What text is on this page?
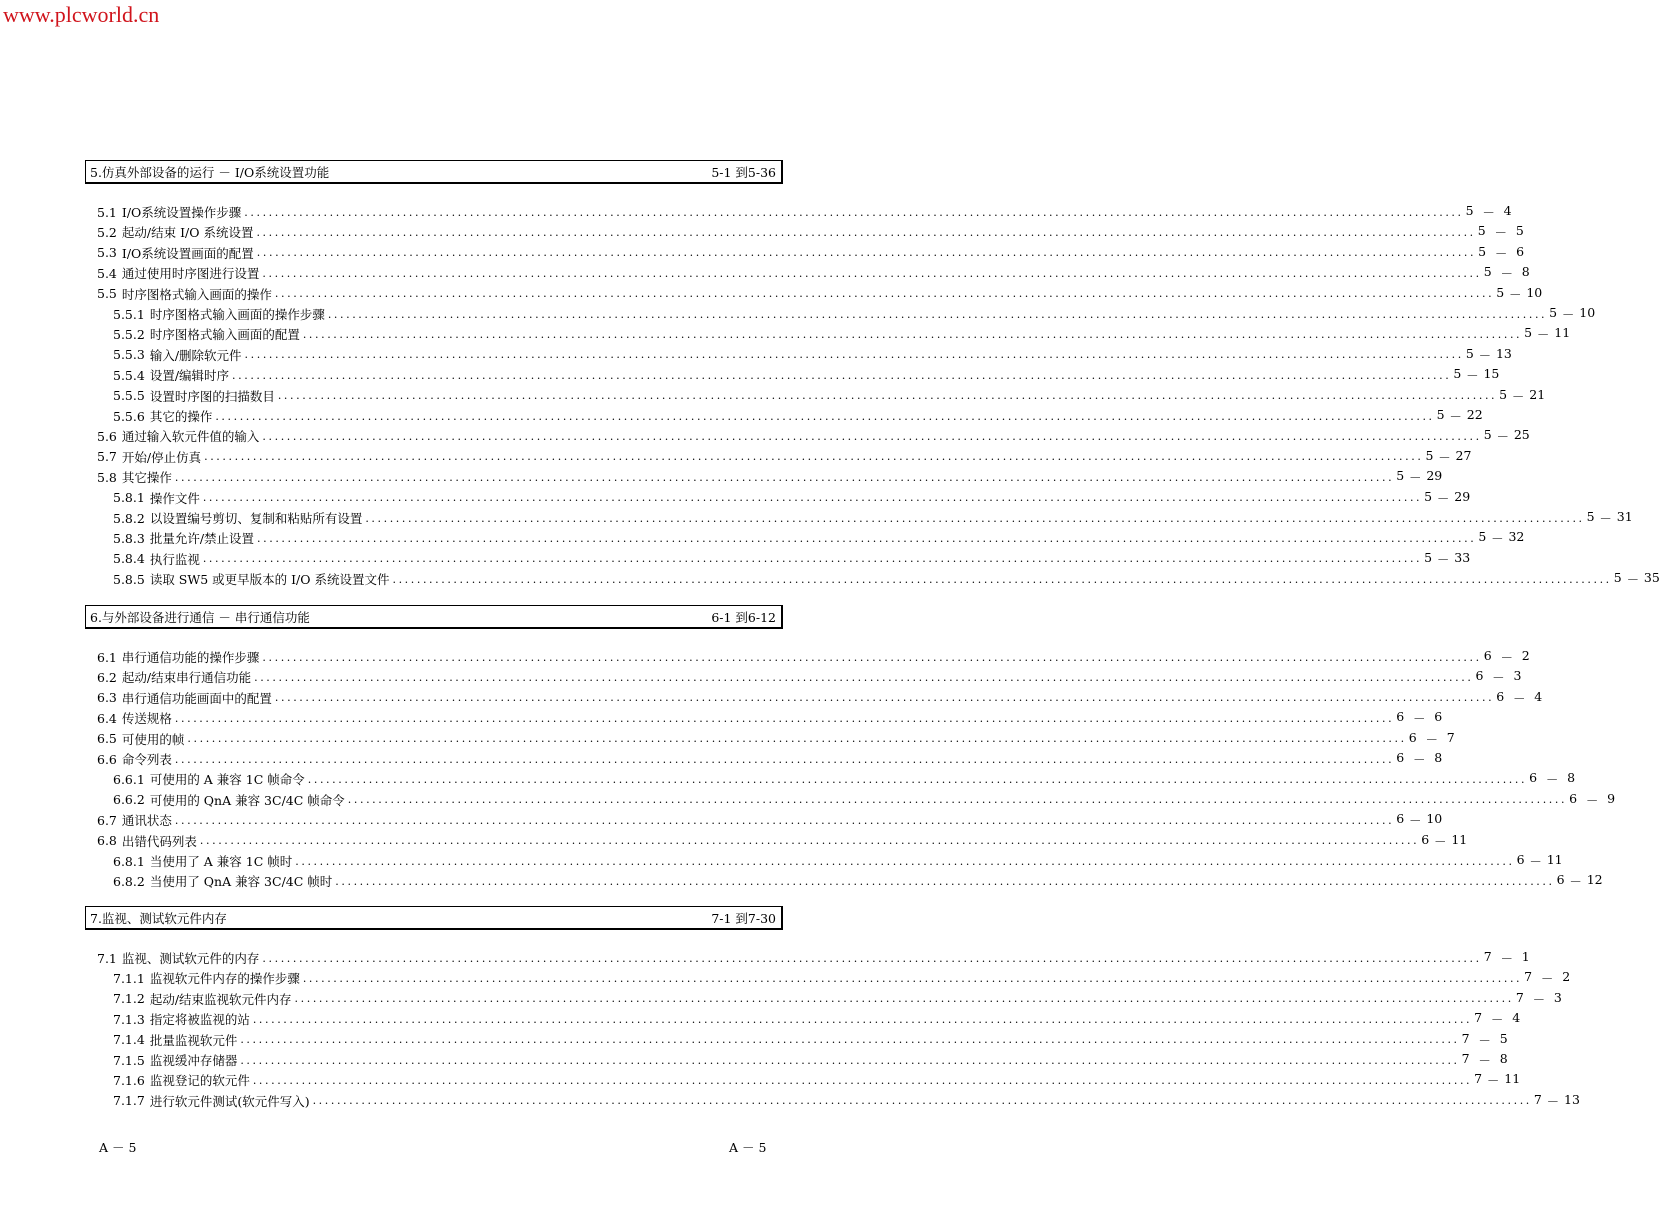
www.plcworld.cn
5.仿真外部设备的运行 － I/O系统设置功能	5-1 到5-36
5.1 I/O系统设置操作步骤 ........................................................................................................................................................................................................ 5 － 4
5.2 起动/结束 I/O 系统设置 ........................................................................................................................................................................................................ 5 － 5
5.3 I/O系统设置画面的配置 ........................................................................................................................................................................................................ 5 － 6
5.4 通过使用时序图进行设置 ........................................................................................................................................................................................................ 5 － 8
5.5 时序图格式输入画面的操作 ........................................................................................................................................................................................................ 5 － 10
5.5.1 时序图格式输入画面的操作步骤 ........................................................................................................................................................................................................ 5 － 10
5.5.2 时序图格式输入画面的配置 ........................................................................................................................................................................................................ 5 － 11
5.5.3 输入/删除软元件 ........................................................................................................................................................................................................ 5 － 13
5.5.4 设置/编辑时序 ........................................................................................................................................................................................................ 5 － 15
5.5.5 设置时序图的扫描数目 ........................................................................................................................................................................................................ 5 － 21
5.5.6 其它的操作 ........................................................................................................................................................................................................ 5 － 22
5.6 通过输入软元件值的输入 ........................................................................................................................................................................................................ 5 － 25
5.7 开始/停止仿真 ........................................................................................................................................................................................................ 5 － 27
5.8 其它操作 ........................................................................................................................................................................................................ 5 － 29
5.8.1 操作文件 ........................................................................................................................................................................................................ 5 － 29
5.8.2 以设置编号剪切、复制和粘贴所有设置 ........................................................................................................................................................................................................ 5 － 31
5.8.3 批量允许/禁止设置 ........................................................................................................................................................................................................ 5 － 32
5.8.4 执行监视 ........................................................................................................................................................................................................ 5 － 33
5.8.5 读取 SW5 或更早版本的 I/O 系统设置文件 ........................................................................................................................................................................................................ 5 － 35
6.与外部设备进行通信 － 串行通信功能	6-1 到6-12
6.1 串行通信功能的操作步骤 ........................................................................................................................................................................................................ 6 － 2
6.2 起动/结束串行通信功能 ........................................................................................................................................................................................................ 6 － 3
6.3 串行通信功能画面中的配置 ........................................................................................................................................................................................................ 6 － 4
6.4 传送规格 ........................................................................................................................................................................................................ 6 － 6
6.5 可使用的帧 ........................................................................................................................................................................................................ 6 － 7
6.6 命令列表 ........................................................................................................................................................................................................ 6 － 8
6.6.1 可使用的 A 兼容 1C 帧命令 ........................................................................................................................................................................................................ 6 － 8
6.6.2 可使用的 QnA 兼容 3C/4C 帧命令 ........................................................................................................................................................................................................ 6 － 9
6.7 通讯状态 ........................................................................................................................................................................................................ 6 － 10
6.8 出错代码列表 ........................................................................................................................................................................................................ 6 － 11
6.8.1 当使用了 A 兼容 1C 帧时 ........................................................................................................................................................................................................ 6 － 11
6.8.2 当使用了 QnA 兼容 3C/4C 帧时 ........................................................................................................................................................................................................ 6 － 12
7.监视、测试软元件内存	7-1 到7-30
7.1 监视、测试软元件的内存 ........................................................................................................................................................................................................ 7 － 1
7.1.1 监视软元件内存的操作步骤 ........................................................................................................................................................................................................ 7 － 2
7.1.2 起动/结束监视软元件内存 ........................................................................................................................................................................................................ 7 － 3
7.1.3 指定将被监视的站 ........................................................................................................................................................................................................ 7 － 4
7.1.4 批量监视软元件 ........................................................................................................................................................................................................ 7 － 5
7.1.5 监视缓冲存储器 ........................................................................................................................................................................................................ 7 － 8
7.1.6 监视登记的软元件 ........................................................................................................................................................................................................ 7 － 11
7.1.7 进行软元件测试(软元件写入) ........................................................................................................................................................................................................ 7 － 13
A － 5	A － 5
